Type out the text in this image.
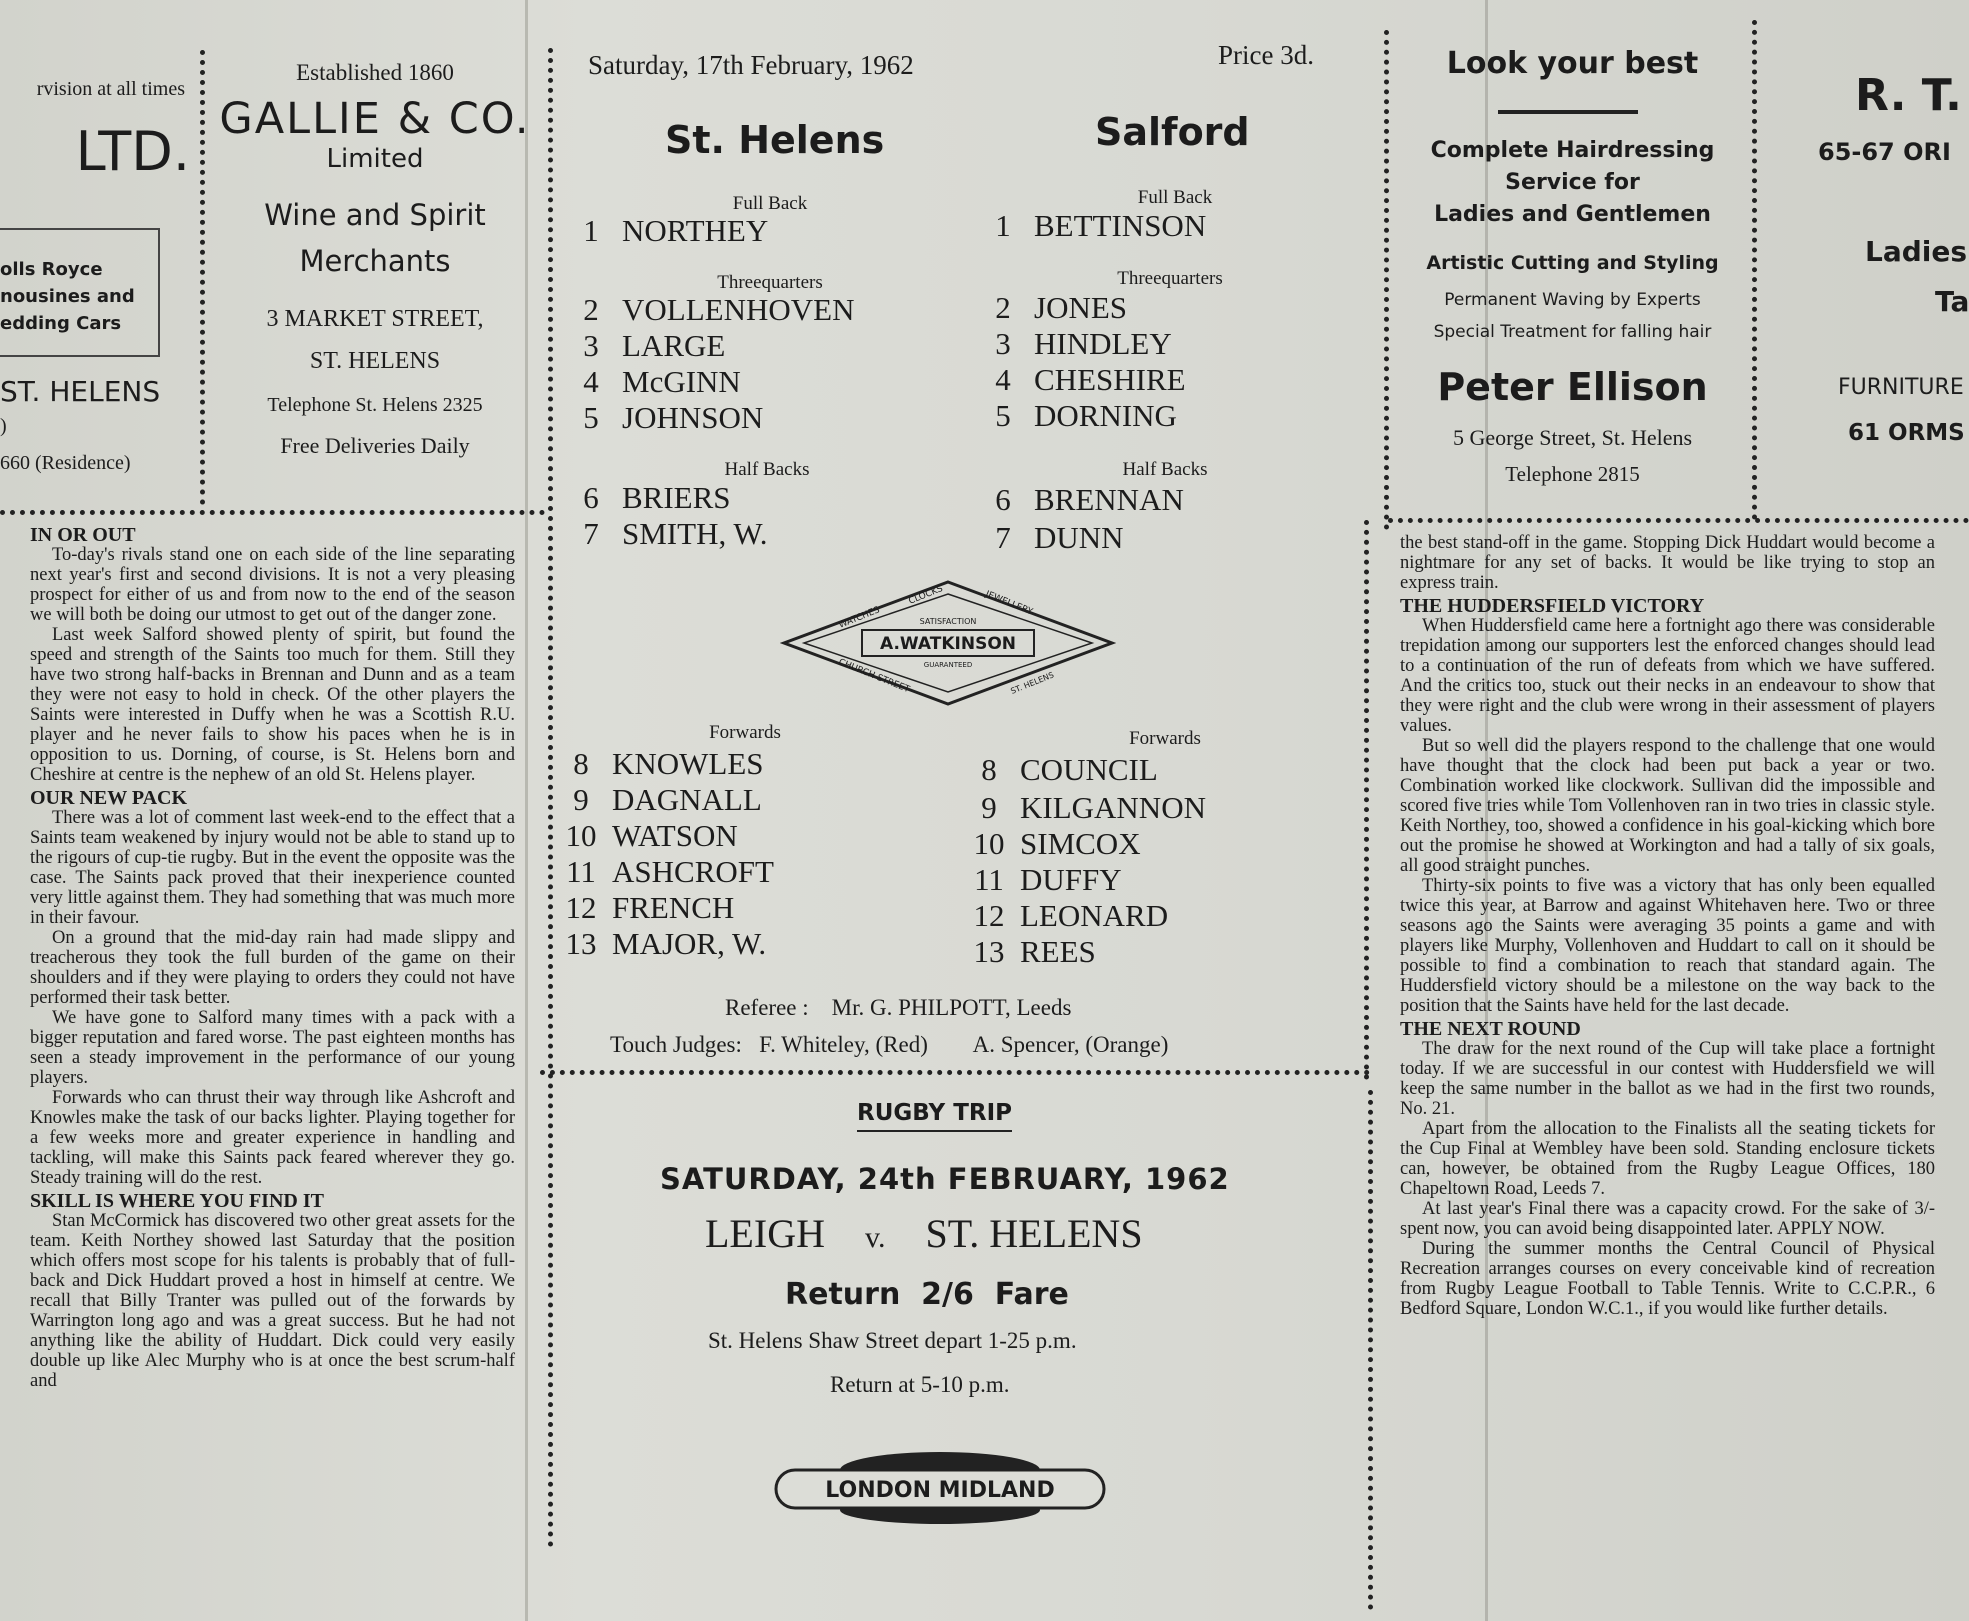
rvision at all times
LTD.
olls Royce
nousines and
edding Cars
ST. HELENS
)
660 (Residence)
Established 1860
GALLIE & CO.
Limited
Wine and Spirit
Merchants
3 MARKET STREET,
ST. HELENS
Telephone St. Helens 2325
Free Deliveries Daily
Saturday, 17th February, 1962	Price 3d.
St. Helens	Salford
Full Back	Full Back
Threequarters	Threequarters
Half Backs	Half Backs
Forwards	Forwards
1 NORTHEY
2 VOLLENHOVEN
3 LARGE
4 McGINN
5 JOHNSON
6 BRIERS
7 SMITH, W.
8 KNOWLES
9 DAGNALL
10 WATSON
11 ASHCROFT
12 FRENCH
13 MAJOR, W.
1 BETTINSON
2 JONES
3 HINDLEY
4 CHESHIRE
5 DORNING
6 BRENNAN
7 DUNN
8 COUNCIL
9 KILGANNON
10 SIMCOX
11 DUFFY
12 LEONARD
13 REES
A.WATKINSON
SATISFACTION
GUARANTEED
WATCHES
CLOCKS	JEWELLERY
CHURCH STREET	ST. HELENS
Referee :    Mr. G. PHILPOTT, Leeds
Touch Judges:   F. Whiteley, (Red)        A. Spencer, (Orange)
RUGBY TRIP
SATURDAY, 24th FEBRUARY, 1962
LEIGH v. ST. HELENS
Return  2/6  Fare
St. Helens Shaw Street depart 1-25 p.m.
Return at 5-10 p.m.
LONDON MIDLAND
Look your best
Complete Hairdressing
Service for
Ladies and Gentlemen
Artistic Cutting and Styling
Permanent Waving by Experts
Special Treatment for falling hair
Peter Ellison
5 George Street, St. Helens
Telephone 2815
R. T.
65-67 ORI
Ladies
Ta
FURNITURE
61 ORMS
IN OR OUT

To-day's rivals stand one on each side of the line separating next year's first and second divisions. It is not a very pleasing prospect for either of us and from now to the end of the season we will both be doing our utmost to get out of the danger zone.

Last week Salford showed plenty of spirit, but found the speed and strength of the Saints too much for them. Still they have two strong half-backs in Brennan and Dunn and as a team they were not easy to hold in check. Of the other players the Saints were interested in Duffy when he was a Scottish R.U. player and he never fails to show his paces when he is in opposition to us. Dorning, of course, is St. Helens born and Cheshire at centre is the nephew of an old St. Helens player.

OUR NEW PACK

There was a lot of comment last week-end to the effect that a Saints team weakened by injury would not be able to stand up to the rigours of cup-tie rugby. But in the event the opposite was the case. The Saints pack proved that their inexperience counted very little against them. They had something that was much more in their favour.

On a ground that the mid-day rain had made slippy and treacherous they took the full burden of the game on their shoulders and if they were playing to orders they could not have performed their task better.

We have gone to Salford many times with a pack with a bigger reputation and fared worse. The past eighteen months has seen a steady improvement in the performance of our young players.

Forwards who can thrust their way through like Ashcroft and Knowles make the task of our backs lighter. Playing together for a few weeks more and greater experience in handling and tackling, will make this Saints pack feared wherever they go. Steady training will do the rest.

SKILL IS WHERE YOU FIND IT

Stan McCormick has discovered two other great assets for the team. Keith Northey showed last Saturday that the position which offers most scope for his talents is probably that of full-back and Dick Huddart proved a host in himself at centre. We recall that Billy Tranter was pulled out of the forwards by Warrington long ago and was a great success. But he had not anything like the ability of Huddart. Dick could very easily double up like Alec Murphy who is at once the best scrum-half and

the best stand-off in the game. Stopping Dick Huddart would become a nightmare for any set of backs. It would be like trying to stop an express train.

THE HUDDERSFIELD VICTORY

When Huddersfield came here a fortnight ago there was considerable trepidation among our supporters lest the enforced changes should lead to a continuation of the run of defeats from which we have suffered. And the critics too, stuck out their necks in an endeavour to show that they were right and the club were wrong in their assessment of players values.

But so well did the players respond to the challenge that one would have thought that the clock had been put back a year or two. Combination worked like clockwork. Sullivan did the impossible and scored five tries while Tom Vollenhoven ran in two tries in classic style. Keith Northey, too, showed a confidence in his goal-kicking which bore out the promise he showed at Workington and had a tally of six goals, all good straight punches.

Thirty-six points to five was a victory that has only been equalled twice this year, at Barrow and against Whitehaven here. Two or three seasons ago the Saints were averaging 35 points a game and with players like Murphy, Vollenhoven and Huddart to call on it should be possible to find a combination to reach that standard again. The Huddersfield victory should be a milestone on the way back to the position that the Saints have held for the last decade.

THE NEXT ROUND

The draw for the next round of the Cup will take place a fortnight today. If we are successful in our contest with Huddersfield we will keep the same number in the ballot as we had in the first two rounds, No. 21.

Apart from the allocation to the Finalists all the seating tickets for the Cup Final at Wembley have been sold. Standing enclosure tickets can, however, be obtained from the Rugby League Offices, 180 Chapeltown Road, Leeds 7.

At last year's Final there was a capacity crowd. For the sake of 3/- spent now, you can avoid being disappointed later. APPLY NOW.

During the summer months the Central Council of Physical Recreation arranges courses on every conceivable kind of recreation from Rugby League Football to Table Tennis. Write to C.C.P.R., 6 Bedford Square, London W.C.1., if you would like further details.
